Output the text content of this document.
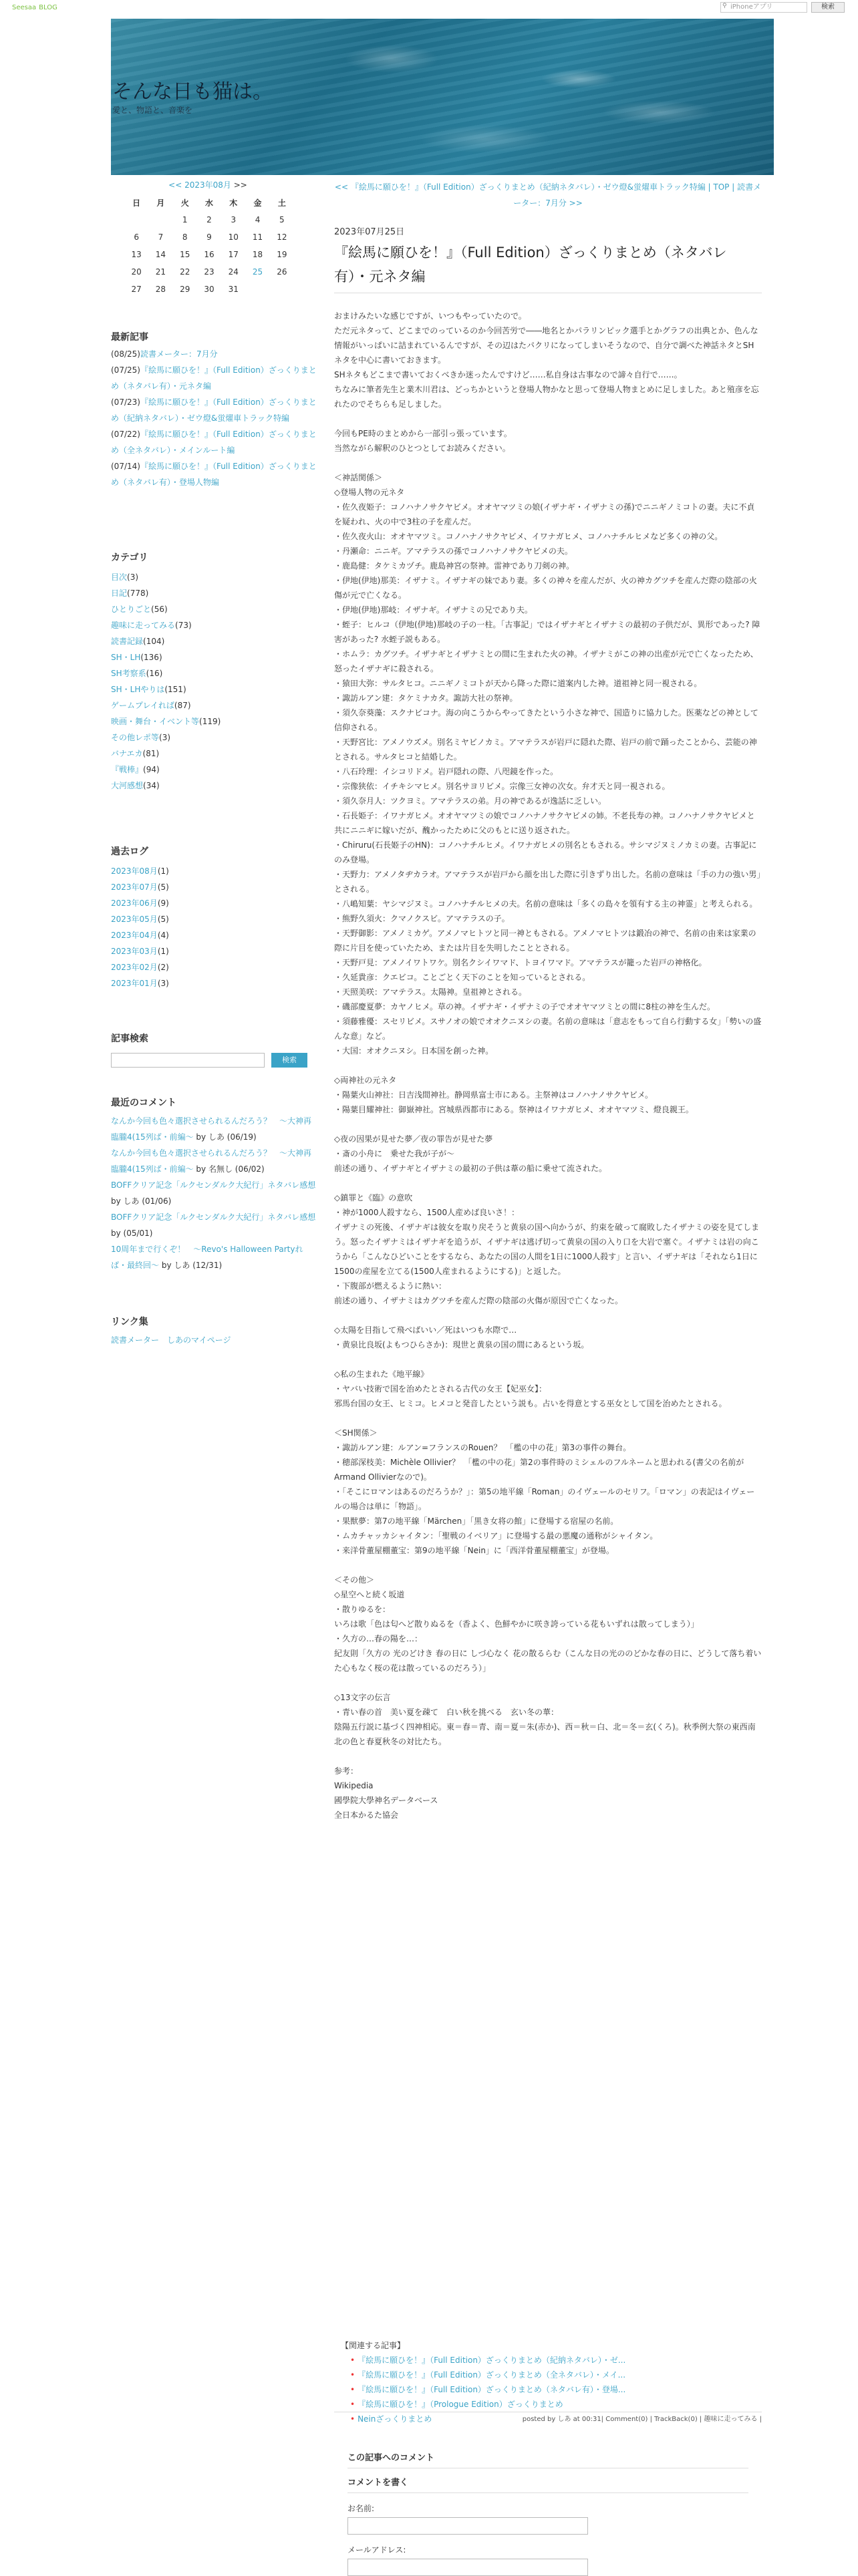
Seesaa BLOG	⚲ iPhoneアプリ	検索
そんな日も猫は。
愛と、物語と、音楽を
<< 2023年08月 >>
日	月	火	水	木	金	土
		1	2	3	4	5
6	7	8	9	10	11	12
13	14	15	16	17	18	19
20	21	22	23	24	25	26
27	28	29	30	31		
最新記事
(08/25)読書メーター：7月分
(07/25)『絵馬に願ひを！』（Full Edition）ざっくりまとめ（ネタバレ有）・元ネタ編
(07/23)『絵馬に願ひを！』（Full Edition）ざっくりまとめ（紀納ネタバレ）・ゼウ燈&蛍燿車トラック特編
(07/22)『絵馬に願ひを！』（Full Edition）ざっくりまとめ（全ネタバレ）・メインルート編
(07/14)『絵馬に願ひを！』（Full Edition）ざっくりまとめ（ネタバレ有）・登場人物編
カテゴリ
目次(3)
日記(778)
ひとりごと(56)
趣味に走ってみる(73)
読書記録(104)
SH・LH(136)
SH考察系(16)
SH・LHやりは(151)
ゲームプレイれば(87)
映画・舞台・イベント等(119)
その他レポ等(3)
バナエカ(81)
『戦棒』(94)
大河感想(34)
過去ログ
2023年08月(1)
2023年07月(5)
2023年06月(9)
2023年05月(5)
2023年04月(4)
2023年03月(1)
2023年02月(2)
2023年01月(3)
記事検索
検索
最近のコメント
なんか今回も色々選択させられるんだろう？　〜大神再臨朧4(15列ば・前編〜 by しあ (06/19)
なんか今回も色々選択させられるんだろう？　〜大神再臨朧4(15列ば・前編〜 by 名無し (06/02)
BOFFクリア記念「ルクセンダルク大紀行」ネタバレ感想 by しあ (01/06)
BOFFクリア記念「ルクセンダルク大紀行」ネタバレ感想 by (05/01)
10周年まで行くぞ！　〜Revo's Halloween Partyれば・最終回〜 by しあ (12/31)
リンク集
読書メーター　しあのマイページ
<< 『絵馬に願ひを！』（Full Edition）ざっくりまとめ（紀納ネタバレ）・ゼウ燈&蛍燿車トラック特編 | TOP | 読書メーター：7月分 >>
2023年07月25日
『絵馬に願ひを！』（Full Edition）ざっくりまとめ（ネタバレ有）・元ネタ編

おまけみたいな感じですが、いつもやっていたので。
ただ元ネタって、どこまでのっているのか今回苦労で――地名とかパラリンピック選手とかグラフの出典とか、色んな情報がいっぱいに詰まれているんですが、その辺はたパクリになってしまいそうなので、自分で調べた神話ネタとSHネタを中心に書いておきます。
SHネタもどこまで書いておくべきか迷ったんですけど……私自身は古事なので諦々自行で……。
ちなみに筆者先生と業木川君は、どっちかというと登場人物かなと思って登場人物まとめに足しました。あと殖彦を忘れたのでそちらも足しました。

今回もPE時のまとめから一部引っ張っています。
当然ながら解釈のひとつとしてお読みください。

＜神話関係＞
◇登場人物の元ネタ
・佐久夜姫子：コノハナノサクヤビメ。オオヤマツミの娘(イザナギ・イザナミの孫)でニニギノミコトの妻。夫に不貞を疑われ、火の中で3柱の子を産んだ。
・佐久夜火山：オオヤマツミ。コノハナノサクヤビメ、イワナガヒメ、コノハナチルヒメなど多くの神の父。
・丹瀬命：ニニギ。アマテラスの孫でコノハナノサクヤビメの夫。
・鹿島健：タケミカヅチ。鹿島神宮の祭神。雷神であり刀剣の神。
・伊地(伊地)那美：イザナミ。イザナギの妹であり妻。多くの神々を産んだが、火の神カグツチを産んだ際の陰部の火傷が元で亡くなる。
・伊地(伊地)那岐：イザナギ。イザナミの兄であり夫。
・蛭子：ヒルコ（伊地(伊地)那岐の子の一柱。「古事記」ではイザナギとイザナミの最初の子供だが、異形であった? 障害があった? 水蛭子説もある。
・ホムラ：カグツチ。イザナギとイザナミとの間に生まれた火の神。イザナミがこの神の出産が元で亡くなったため、怒ったイザナギに殺される。
・猿田大弥：サルタヒコ。ニニギノミコトが天から降った際に道案内した神。道祖神と同一視される。
・諏訪ルアン建：タケミナカタ。諏訪大社の祭神。
・須久奈葵藻：スクナビコナ。海の向こうからやってきたという小さな神で、国造りに協力した。医薬などの神として信仰される。
・天野宮比：アメノウズメ。別名ミヤビノカミ。アマテラスが岩戸に隠れた際、岩戸の前で踊ったことから、芸能の神とされる。サルタヒコと結婚した。
・八石玲理：イシコリドメ。岩戸隠れの際、八咫鏡を作った。
・宗像狭依：イチキシマヒメ。別名サヨリビメ。宗像三女神の次女。弁才天と同一視される。
・須久奈月人：ツクヨミ。アマテラスの弟。月の神であるが逸話に乏しい。
・石長姫子：イワナガヒメ。オオヤマツミの娘でコノハナノサクヤビメの姉。不老長寿の神。コノハナノサクヤビメと共にニニギに嫁いだが、醜かったために父のもとに送り返された。
・Chiruru(石長姫子のHN)：コノハナチルヒメ。イワナガヒメの別名ともされる。サシマジヌミノカミの妻。古事記にのみ登場。
・天野力：アメノタヂカラオ。アマテラスが岩戸から顔を出した際に引きずり出した。名前の意味は「手の力の強い男」とされる。
・八嶋知葉：ヤシマジヌミ。コノハナチルヒメの夫。名前の意味は「多くの島々を領有する主の神霊」と考えられる。
・熊野久須火：クマノクスビ。アマテラスの子。
・天野御影：アメノミカゲ。アメノマヒトツと同一神ともされる。アメノマヒトツは鍛冶の神で、名前の由来は家業の際に片目を使っていたため、または片目を失明したこととされる。
・天野戸見：アメノイワトワケ。別名クシイワマド、トヨイワマド。アマテラスが籠った岩戸の神格化。
・久延貴彦：クエビコ。ことごとく天下のことを知っているとされる。
・天照美咲：アマテラス。太陽神。皇祖神とされる。
・磯部慶夏夢：カヤノヒメ。草の神。イザナギ・イザナミの子でオオヤマツミとの間に8柱の神を生んだ。
・須藤雅優：スセリビメ。スサノオの娘でオオクニヌシの妻。名前の意味は「意志をもって自ら行動する女」「勢いの盛んな意」など。
・大国：オオクニヌシ。日本国を創った神。

◇両神社の元ネタ
・陽葉火山神社：日吉浅間神社。静岡県富士市にある。主祭神はコノハナノサクヤビメ。
・陽葉目耀神社：御嶽神社。宮城県西都市にある。祭神はイワナガヒメ、オオヤマツミ、燈良親王。

◇夜の因果が見せた夢／夜の罪告が見せた夢
・斎の小舟に　乗せた我が子が〜
前述の通り、イザナギとイザナミの最初の子供は葦の船に乗せて流された。

◇鎮罪と《臨》の意吹
・神が1000人殺すなら、1500人産めば良いさ！：
イザナミの死後、イザナギは彼女を取り戻そうと黄泉の国へ向かうが、約束を破って腐敗したイザナミの姿を見てしまう。怒ったイザナミはイザナギを追うが、イザナギは逃げ切って黄泉の国の入り口を大岩で塞ぐ。イザナミは岩の向こうから「こんなひどいことをするなら、あなたの国の人間を1日に1000人殺す」と言い、イザナギは「それなら1日に1500の産屋を立てる(1500人産まれるようにする)」と返した。
・下腹部が燃えるように熱い：
前述の通り、イザナミはカグツチを産んだ際の陰部の火傷が原因で亡くなった。

◇太陽を目指して飛べばいい／死はいつも水際で…
・黄泉比良坂(よもつひらさか)：現世と黄泉の国の間にあるという坂。

◇私の生まれた《地平線》
・ヤバい技術で国を治めたとされる古代の女王【妃巫女】：
邪馬台国の女王、ヒミコ。ヒメコと発音したという説も。占いを得意とする巫女として国を治めたとされる。

＜SH関係＞
・諏訪ルアン建：ルアン=フランスのRouen？　「檻の中の花」第3の事件の舞台。
・穂部深枝美：Michèle Ollivier？　「檻の中の花」第2の事件時のミシェルのフルネームと思われる(書父の名前がArmand Ollivierなので)。
・「そこにロマンはあるのだろうか？」：第5の地平線「Roman」のイヴェールのセリフ。「ロマン」の表記はイヴェールの場合は単に「物語」。
・果獣夢：第7の地平線「Märchen」「黒き女将の館」に登場する宿屋の名前。
・ムカチャッカシャイタン：「聖戦のイベリア」に登場する最の悪魔の通称がシャイタン。
・来洋骨董屋棚董宝：第9の地平線「Nein」に「西洋骨董屋棚董宝」が登場。

＜その他＞
◇星空へと続く坂道
・散りゆるを：
いろは歌「色は匂へど散りぬるを（香よく、色鮮やかに咲き誇っている花もいずれは散ってしまう）」
・久方の…春の陽を…：
紀友則「久方の 光のどけき 春の日に しづ心なく 花の散るらむ（こんな日の光ののどかな春の日に、どうして落ち着いた心もなく桜の花は散っているのだろう）」

◇13文字の伝言
・青い春の首　美い夏を疎て　白い秋を挑べる　玄い冬の華：
陰陽五行説に基づく四神相応。東＝春＝青、南＝夏＝朱(赤か)、西＝秋＝白、北＝冬＝玄(くろ)。秋季例大祭の東西南北の色と春夏秋冬の対比たち。

参考：
Wikipedia
國學院大學神名データベース
全日本かるた協会

【関連する記事】
• 『絵馬に願ひを！』（Full Edition）ざっくりまとめ（紀納ネタバレ）・ゼ...
• 『絵馬に願ひを！』（Full Edition）ざっくりまとめ（全ネタバレ）・メイ...
• 『絵馬に願ひを！』（Full Edition）ざっくりまとめ（ネタバレ有）・登場...
• 『絵馬に願ひを！』（Prologue Edition）ざっくりまとめ
• Neinざっくりまとめ	posted by しあ at 00:31| Comment(0) | TrackBack(0) | 趣味に走ってみる |
この記事へのコメント
コメントを書く
お名前:
メールアドレス:
